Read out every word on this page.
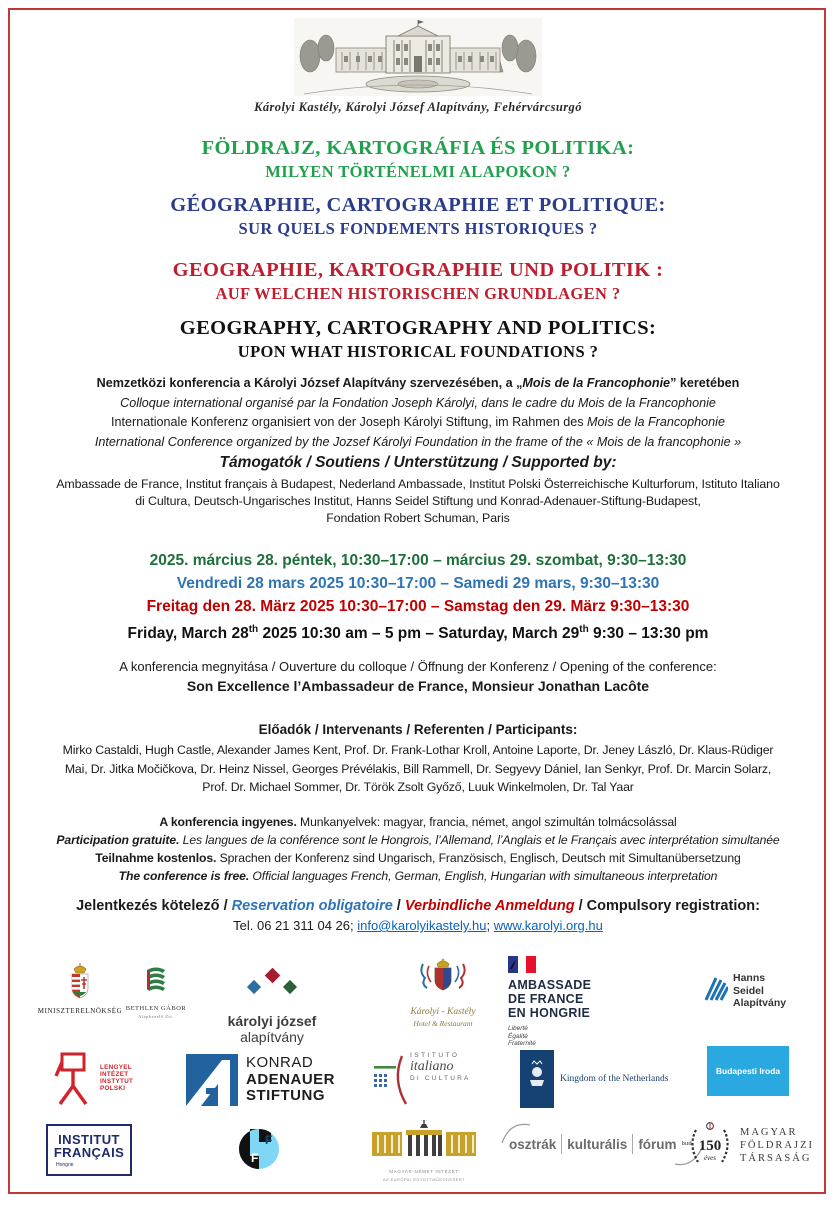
Károlyi Kastély, Károlyi József Alapítvány, Fehérvárcsurgó
FÖLDRAJZ, KARTOGRÁFIA ÉS POLITIKA:
MILYEN TÖRTÉNELMI ALAPOKON ?
GÉOGRAPHIE, CARTOGRAPHIE ET POLITIQUE:
SUR QUELS FONDEMENTS HISTORIQUES ?
GEOGRAPHIE, KARTOGRAPHIE UND POLITIK :
AUF WELCHEN HISTORISCHEN GRUNDLAGEN ?
GEOGRAPHY, CARTOGRAPHY AND POLITICS:
UPON WHAT HISTORICAL FOUNDATIONS ?
Nemzetközi konferencia a Károlyi József Alapítvány szervezésében, a „Mois de la Francophonie” keretében
Colloque international organisé par la Fondation Joseph Károlyi, dans le cadre du Mois de la Francophonie
Internationale Konferenz organisiert von der Joseph Károlyi Stiftung, im Rahmen des Mois de la Francophonie
International Conference organized by the Jozsef Károlyi Foundation in the frame of the « Mois de la francophonie »
Támogatók / Soutiens / Unterstützung / Supported by:
Ambassade de France, Institut français à Budapest, Nederland Ambassade, Institut Polski Österreichische Kulturforum, Istituto Italiano
di Cultura, Deutsch-Ungarisches Institut, Hanns Seidel Stiftung und Konrad-Adenauer-Stiftung-Budapest,
Fondation Robert Schuman, Paris
2025. március 28. péntek, 10:30–17:00 – március 29. szombat, 9:30–13:30
Vendredi 28 mars 2025 10:30–17:00 – Samedi 29 mars, 9:30–13:30
Freitag den 28. März 2025 10:30–17:00 – Samstag den 29. März 9:30–13:30
Friday, March 28th 2025 10:30 am – 5 pm – Saturday, March 29th 9:30 – 13:30 pm
A konferencia megnyitása / Ouverture du colloque / Öffnung der Konferenz / Opening of the conference:
Son Excellence l’Ambassadeur de France, Monsieur Jonathan Lacôte
Előadók / Intervenants / Referenten / Participants:
Mirko Castaldi, Hugh Castle, Alexander James Kent, Prof. Dr. Frank-Lothar Kroll, Antoine Laporte, Dr. Jeney László, Dr. Klaus-Rüdiger
Mai, Dr. Jitka Močičkova, Dr. Heinz Nissel, Georges Prévélakis, Bill Rammell, Dr. Segyevy Dániel, Ian Senkyr, Prof. Dr. Marcin Solarz,
Prof. Dr. Michael Sommer, Dr. Török Zsolt Győző, Luuk Winkelmolen, Dr. Tal Yaar
A konferencia ingyenes. Munkanyelvek: magyar, francia, német, angol szimultán tolmácsolással
Participation gratuite. Les langues de la conférence sont le Hongrois, l’Allemand, l’Anglais et le Français avec interprétation simultanée
Teilnahme kostenlos. Sprachen der Konferenz sind Ungarisch, Französisch, Englisch, Deutsch mit Simultanübersetzung
The conference is free. Official languages French, German, English, Hungarian with simultaneous interpretation
Jelentkezés kötelező / Reservation obligatoire / Verbindliche Anmeldung / Compulsory registration:
Tel. 06 21 311 04 26; info@karolyikastely.hu; www.karolyi.org.hu
MINISZTERELNÖKSÉG BETHLEN GÁBOR
Alapkezelő Zrt.	károlyi józsef alapítvány
Károlyi - Kastély
Hotel & Restaurant
AMBASSADE
DE FRANCE
EN HONGRIE
Liberté
Égalité
Fraternité
Hanns
Seidel
Alapítvány
LENGYEL
INTÉZET
INSTYTUT
POLSKI
KONRAD
ADENAUER
STIFTUNG
ISTITUTO
italiano
DI CULTURA	Kingdom of the Netherlands
Budapesti Iroda
INSTITUT
FRANÇAIS
Hongrie
F
F
MAGYAR-NÉMET INTÉZET
AZ EURÓPAI EGYÜTTMŰKÖDÉSÉRT
osztrák kulturális fórum bud 150
éves
MAGYAR
FÖLDRAJZI
TÁRSASÁG
